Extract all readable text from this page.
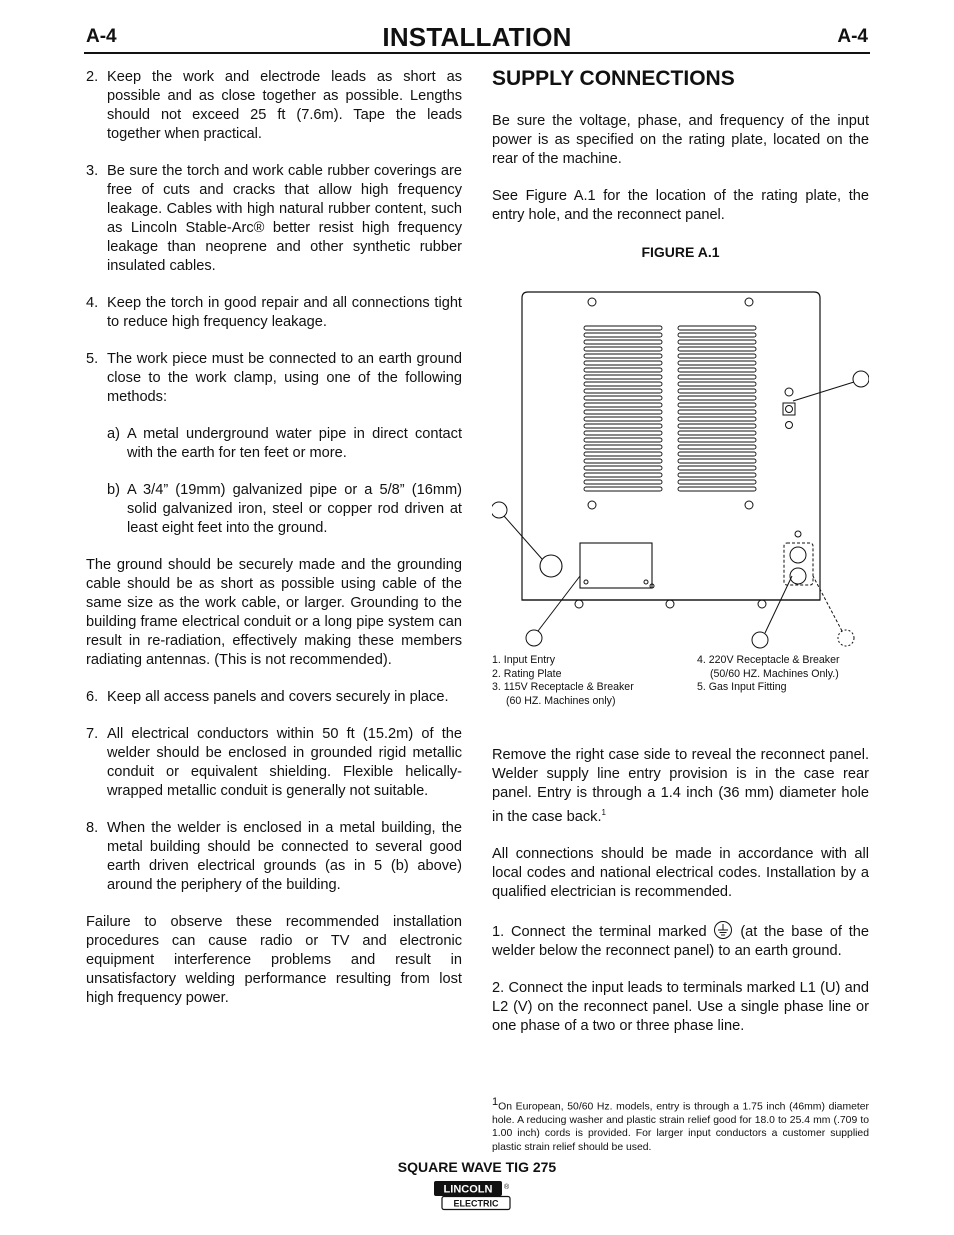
A-4	INSTALLATION	A-4
2. Keep the work and electrode leads as short as possible and as close together as possible. Lengths should not exceed 25 ft (7.6m). Tape the leads together when practical.
3. Be sure the torch and work cable rubber coverings are free of cuts and cracks that allow high frequency leakage. Cables with high natural rubber content, such as Lincoln Stable-Arc® better resist high frequency leakage than neoprene and other synthetic rubber insulated cables.
4. Keep the torch in good repair and all connections tight to reduce high frequency leakage.
5. The work piece must be connected to an earth ground close to the work clamp, using one of the following methods:
a) A metal underground water pipe in direct contact with the earth for ten feet or more.
b) A 3/4” (19mm) galvanized pipe or a 5/8” (16mm) solid galvanized iron, steel or copper rod driven at least eight feet into the ground.

The ground should be securely made and the grounding cable should be as short as possible using cable of the same size as the work cable, or larger. Grounding to the building frame electrical conduit or a long pipe system can result in re-radiation, effectively making these members radiating antennas. (This is not recommended).

6. Keep all access panels and covers securely in place.
7. All electrical conductors within 50 ft (15.2m) of the welder should be enclosed in grounded rigid metallic conduit or equivalent shielding. Flexible helically-wrapped metallic conduit is generally not suitable.
8. When the welder is enclosed in a metal building, the metal building should be connected to several good earth driven electrical grounds (as in 5 (b) above) around the periphery of the building.

Failure to observe these recommended installation procedures can cause radio or TV and electronic equipment interference problems and result in unsatisfactory welding performance resulting from lost high frequency power.

SUPPLY CONNECTIONS

Be sure the voltage, phase, and frequency of the input power is as specified on the rating plate, located on the rear of the machine.

See Figure A.1 for the location of the rating plate, the entry hole, and the reconnect panel.

FIGURE A.1
1. Input Entry
2. Rating Plate
3. 115V Receptacle & Breaker
(60 HZ. Machines only)
4. 220V Receptacle & Breaker
(50/60 HZ. Machines Only.)
5. Gas Input Fitting

Remove the right case side to reveal the reconnect panel. Welder supply line entry provision is in the case rear panel. Entry is through a 1.4 inch (36 mm) diameter hole in the case back.$^1$

All connections should be made in accordance with all local codes and national electrical codes. Installation by a qualified electrician is recommended.

1. Connect the terminal marked (at the base of the welder below the reconnect panel) to an earth ground.

2. Connect the input leads to terminals marked L1 (U) and L2 (V) on the reconnect panel. Use a single phase line or one phase of a two or three phase line.

$^1$On European, 50/60 Hz. models, entry is through a 1.75 inch (46mm) diameter hole. A reducing washer and plastic strain relief good for 18.0 to 25.4 mm (.709 to 1.00 inch) cords is provided. For larger input conductors a customer supplied plastic strain relief should be used.
SQUARE WAVE TIG 275
LINCOLN
ELECTRIC
®
